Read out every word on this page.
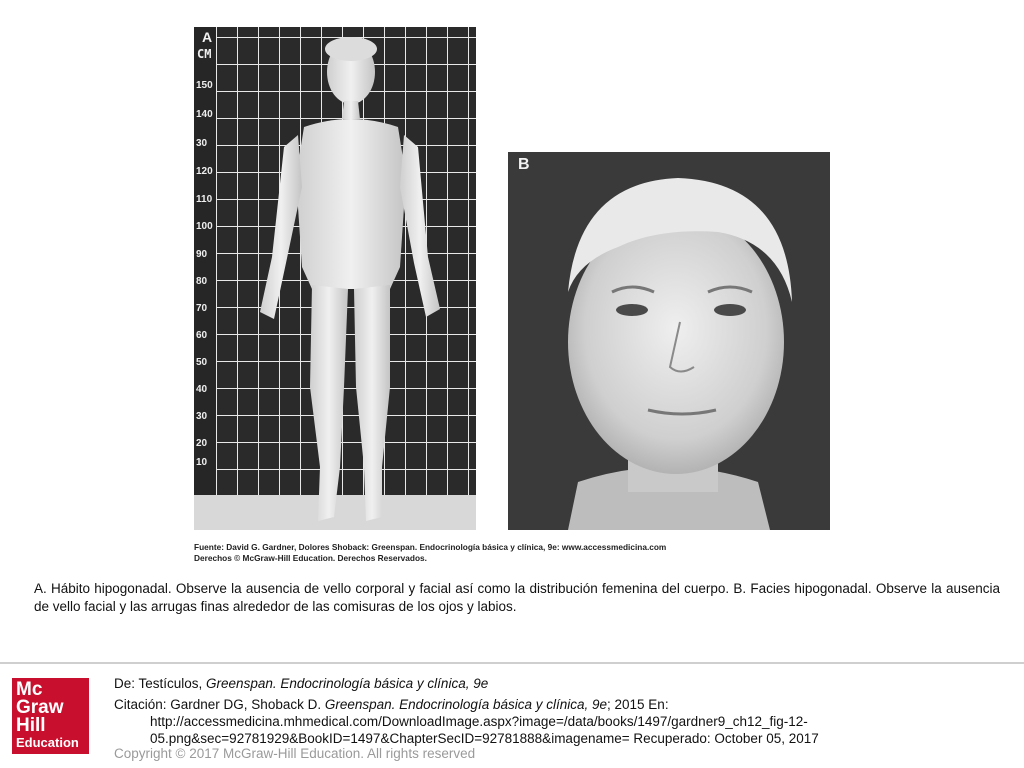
A
CM
150
140
30
120
110
100
90
80
70
60
50
40
30
20
10
B
Fuente: David G. Gardner, Dolores Shoback: Greenspan. Endocrinología básica y clínica, 9e: www.accessmedicina.com
Derechos © McGraw-Hill Education. Derechos Reservados.
A. Hábito hipogonadal. Observe la ausencia de vello corporal y facial así como la distribución femenina del cuerpo. B. Facies hipogonadal. Observe la ausencia de vello facial y las arrugas finas alrededor de las comisuras de los ojos y labios.
Mc
Graw
Hill
Education
De: Testículos, Greenspan. Endocrinología básica y clínica, 9e
Citación: Gardner DG, Shoback D. Greenspan. Endocrinología básica y clínica, 9e; 2015 En:
http://accessmedicina.mhmedical.com/DownloadImage.aspx?image=/data/books/1497/gardner9_ch12_fig-12-
05.png&sec=92781929&BookID=1497&ChapterSecID=92781888&imagename= Recuperado: October 05, 2017
Copyright © 2017 McGraw-Hill Education. All rights reserved
